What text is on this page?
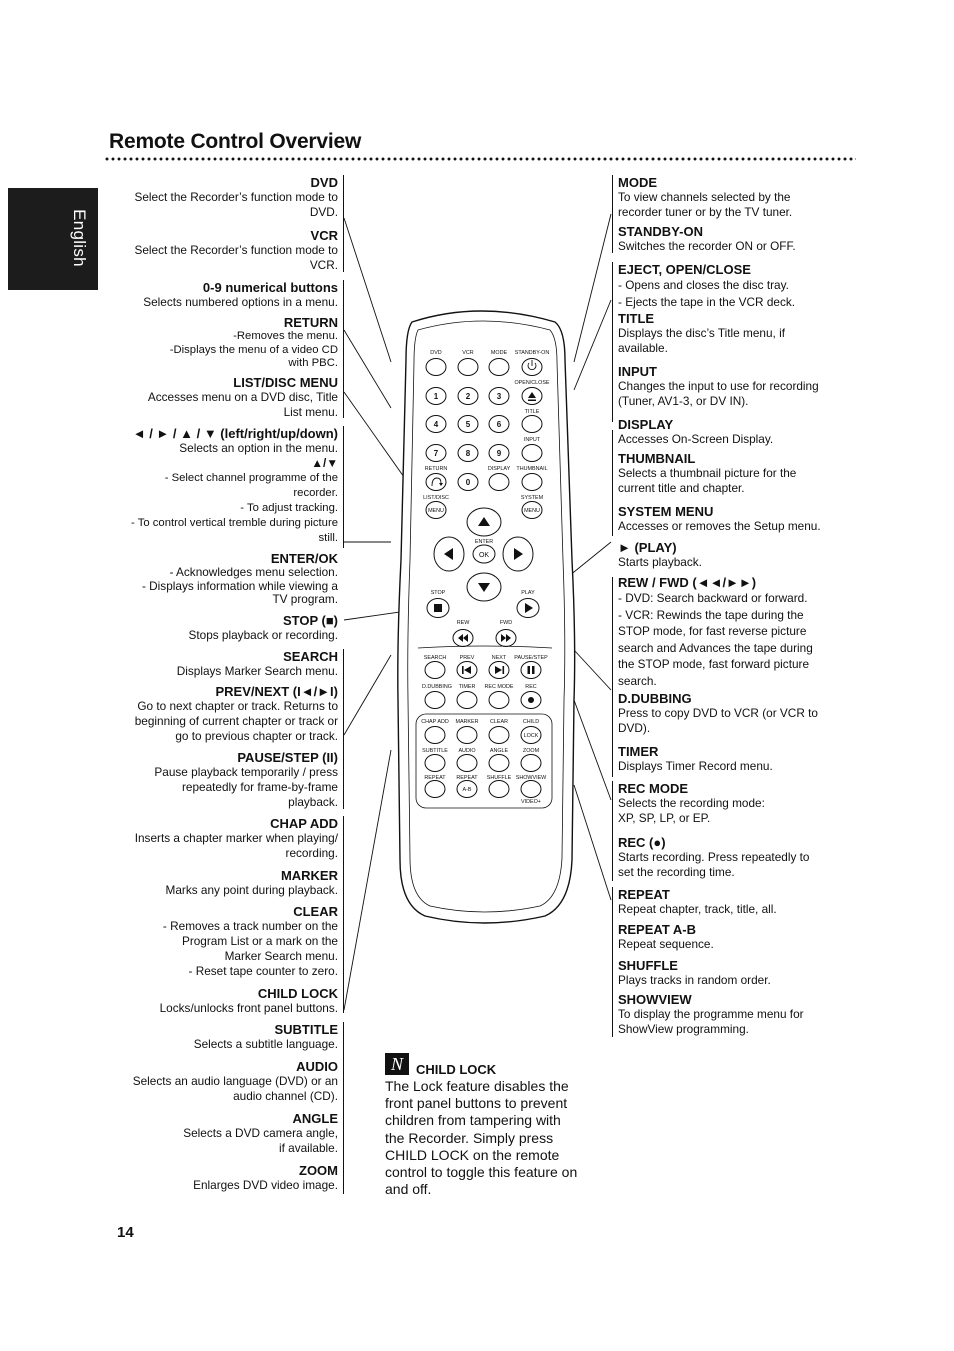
Remote Control Overview
English
DVD
Select the Recorder’s function mode to
DVD.
VCR
Select the Recorder’s function mode to
VCR.
0-9 numerical buttons
Selects numbered options in a menu.
RETURN
-Removes the menu.
-Displays the menu of a video CD
with PBC.
LIST/DISC MENU
Accesses menu on a DVD disc, Title
List menu.
◄ / ► / ▲ / ▼ (left/right/up/down)
Selects an option in the menu.
▲/▼
- Select channel programme of the
recorder.
- To adjust tracking.
- To control vertical tremble during picture
still.
ENTER/OK
- Acknowledges menu selection.
- Displays information while viewing a
TV program.
STOP (■)
Stops playback or recording.
SEARCH
Displays Marker Search menu.
PREV/NEXT (I◄/►I)
Go to next chapter or track. Returns to
beginning of current chapter or track or
go to previous chapter or track.
PAUSE/STEP (II)
Pause playback temporarily / press
repeatedly for frame-by-frame
playback.
CHAP ADD
Inserts a chapter marker when playing/
recording.
MARKER
Marks any point during playback.
CLEAR
- Removes a track number on the
Program List or a mark on the
Marker Search menu.
- Reset tape counter to zero.
CHILD LOCK
Locks/unlocks front panel buttons.
SUBTITLE
Selects a subtitle language.
AUDIO
Selects an audio language (DVD) or an
audio channel (CD).
ANGLE
Selects a DVD camera angle,
if available.
ZOOM
Enlarges DVD video image.
MODE
To view channels selected by the
recorder tuner or by the TV tuner.
STANDBY-ON
Switches the recorder ON or OFF.
EJECT, OPEN/CLOSE
- Opens and closes the disc tray.
- Ejects the tape in the VCR deck.
TITLE
Displays the disc’s Title menu, if
available.
INPUT
Changes the input to use for recording
(Tuner, AV1-3, or DV IN).
DISPLAY
Accesses On-Screen Display.
THUMBNAIL
Selects a thumbnail picture for the
current title and chapter.
SYSTEM MENU
Accesses or removes the Setup menu.
► (PLAY)
Starts playback.
REW / FWD (◄◄/►►)
- DVD: Search backward or forward.
- VCR: Rewinds the tape during the
STOP mode, for fast reverse picture
search and Advances the tape during
the STOP mode, fast forward picture
search.
D.DUBBING
Press to copy DVD to VCR (or VCR to
DVD).
TIMER
Displays Timer Record menu.
REC MODE
Selects the recording mode:
XP, SP, LP, or EP.
REC (●)
Starts recording. Press repeatedly to
set the recording time.
REPEAT
Repeat chapter, track, title, all.
REPEAT A-B
Repeat sequence.
SHUFFLE
Plays tracks in random order.
SHOWVIEW
To display the programme menu for
ShowView programming.
DVD	VCR	MODE STANDBY-ON
OPEN/CLOSE
1	2	3
TITLE
4	5	6
INPUT
7	8	9
RETURN	DISPLAY THUMBNAIL
0
LIST/DISC	SYSTEM
MENU	MENU
ENTER
OK
STOP	PLAY
REW	FWD
SEARCH PREV	NEXT PAUSE/STEP
D.DUBBING TIMER REC MODE REC
CHAP ADD MARKER CLEAR	CHILD
LOCK
SUBTITLE AUDIO	ANGLE	ZOOM
REPEAT REPEAT SHUFFLE SHOWVIEW
A-B
VIDEO+
N	CHILD LOCK
The Lock feature disables the front panel buttons to prevent children from tampering with the Recorder. Simply press CHILD LOCK on the remote control to toggle this feature on and off.
14
